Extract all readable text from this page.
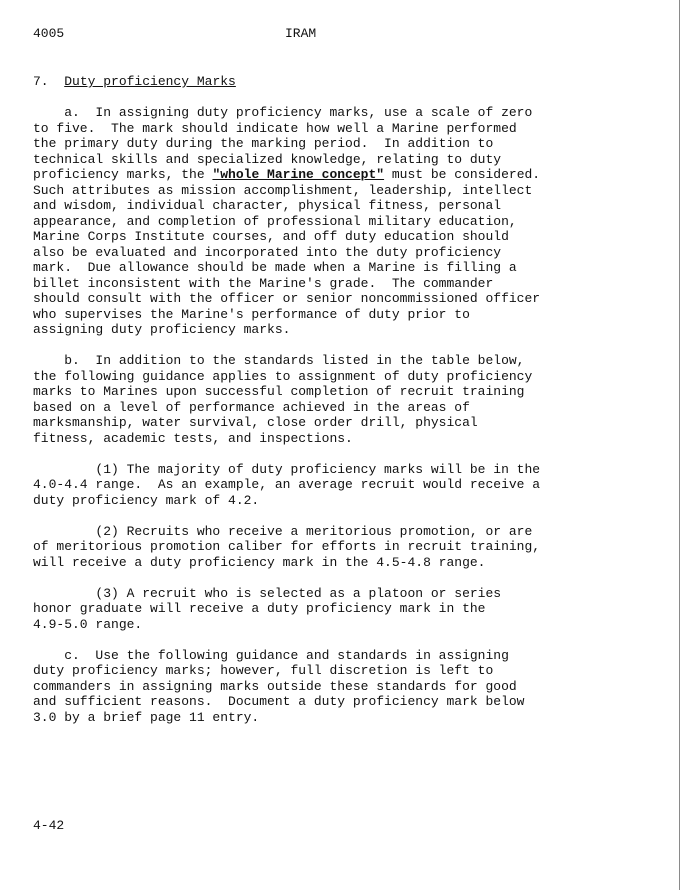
4005	IRAM
7. Duty proficiency Marks
a.  In assigning duty proficiency marks, use a scale of zero
to five.  The mark should indicate how well a Marine performed
the primary duty during the marking period.  In addition to
technical skills and specialized knowledge, relating to duty
proficiency marks, the "whole Marine concept" must be considered.
Such attributes as mission accomplishment, leadership, intellect
and wisdom, individual character, physical fitness, personal
appearance, and completion of professional military education,
Marine Corps Institute courses, and off duty education should
also be evaluated and incorporated into the duty proficiency
mark.  Due allowance should be made when a Marine is filling a
billet inconsistent with the Marine's grade.  The commander
should consult with the officer or senior noncommissioned officer
who supervises the Marine's performance of duty prior to
assigning duty proficiency marks.
b.  In addition to the standards listed in the table below,
the following guidance applies to assignment of duty proficiency
marks to Marines upon successful completion of recruit training
based on a level of performance achieved in the areas of
marksmanship, water survival, close order drill, physical
fitness, academic tests, and inspections.
(1) The majority of duty proficiency marks will be in the
4.0-4.4 range.  As an example, an average recruit would receive a
duty proficiency mark of 4.2.
(2) Recruits who receive a meritorious promotion, or are
of meritorious promotion caliber for efforts in recruit training,
will receive a duty proficiency mark in the 4.5-4.8 range.
(3) A recruit who is selected as a platoon or series
honor graduate will receive a duty proficiency mark in the
4.9-5.0 range.
c.  Use the following guidance and standards in assigning
duty proficiency marks; however, full discretion is left to
commanders in assigning marks outside these standards for good
and sufficient reasons.  Document a duty proficiency mark below
3.0 by a brief page 11 entry.
4-42
